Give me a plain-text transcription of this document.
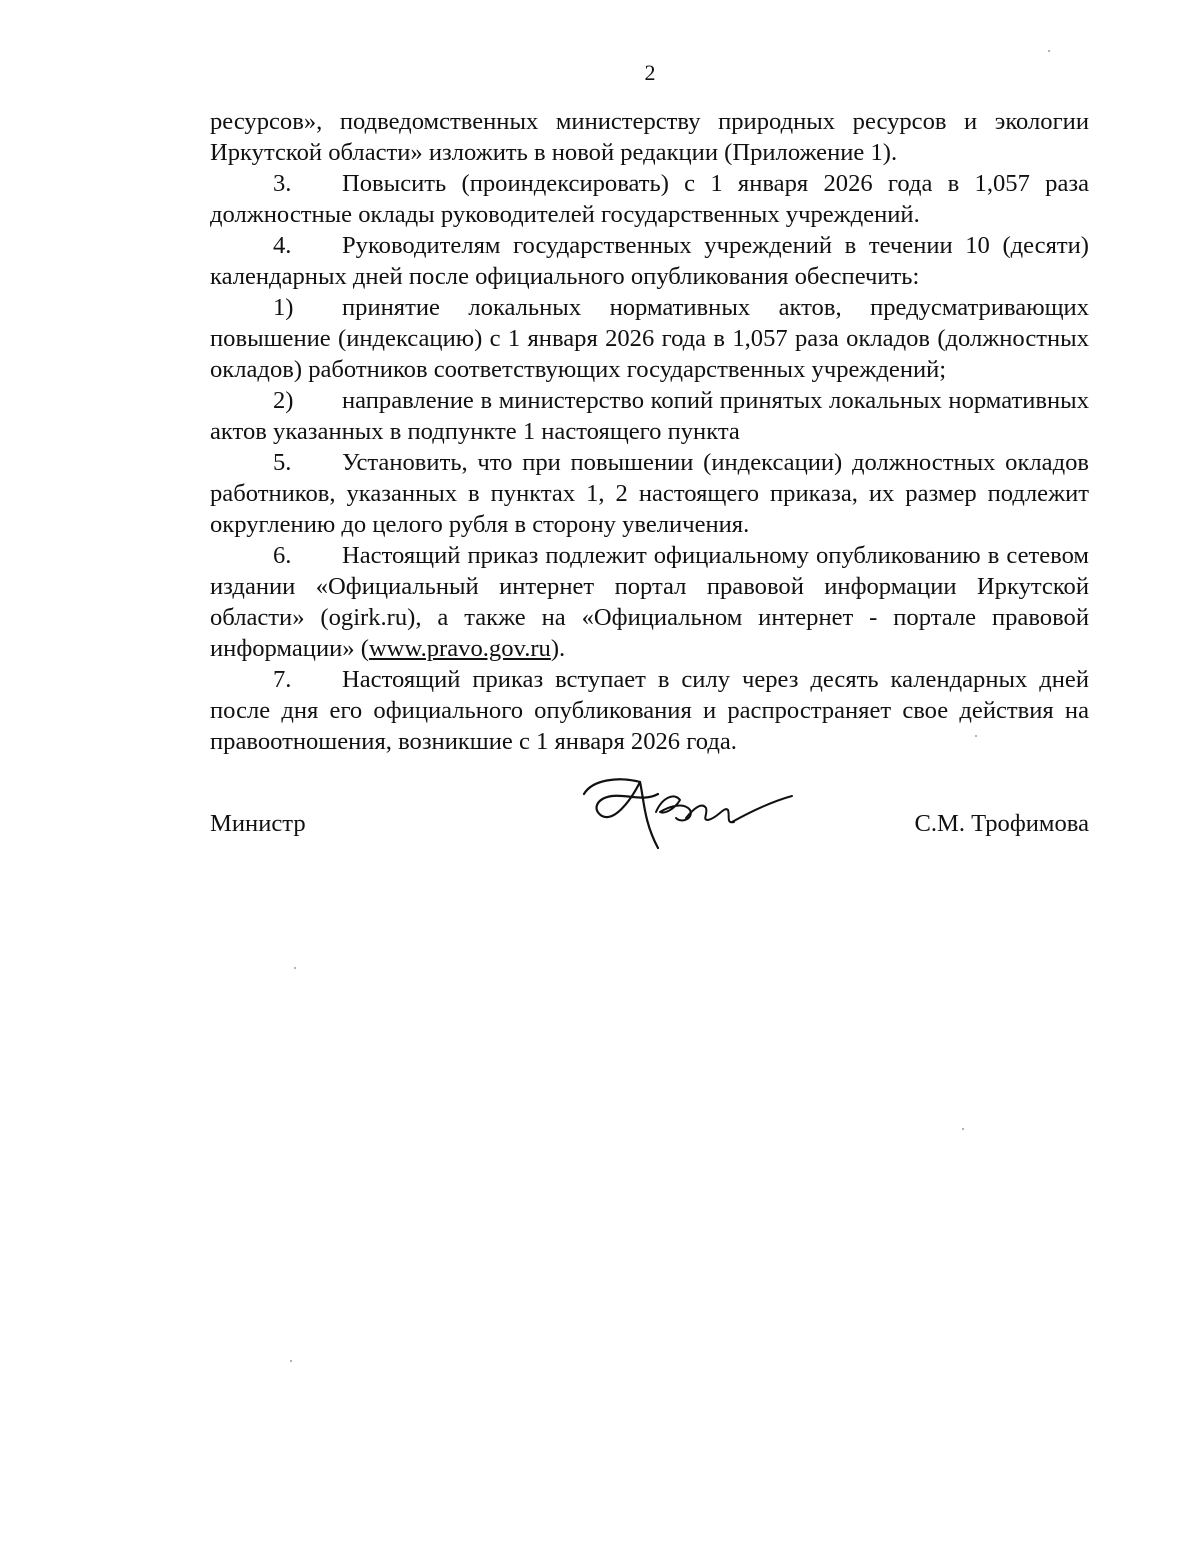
2

ресурсов», подведомственных министерству природных ресурсов и экологии Иркутской области» изложить в новой редакции (Приложение 1).

3. Повысить (проиндексировать) с 1 января 2026 года в 1,057 раза должностные оклады руководителей государственных учреждений.

4. Руководителям государственных учреждений в течении 10 (десяти) календарных дней после официального опубликования обеспечить:

1) принятие локальных нормативных актов, предусматривающих повышение (индексацию) с 1 января 2026 года в 1,057 раза окладов (должностных окладов) работников соответствующих государственных учреждений;

2) направление в министерство копий принятых локальных нормативных актов указанных в подпункте 1 настоящего пункта

5. Установить, что при повышении (индексации) должностных окладов работников, указанных в пунктах 1, 2 настоящего приказа, их размер подлежит округлению до целого рубля в сторону увеличения.

6. Настоящий приказ подлежит официальному опубликованию в сетевом издании «Официальный интернет портал правовой информации Иркутской области» (ogirk.ru), а также на «Официальном интернет - портале правовой информации» (www.pravo.gov.ru).

7. Настоящий приказ вступает в силу через десять календарных дней после дня его официального опубликования и распространяет свое действия на правоотношения, возникшие с 1 января 2026 года.

Министр	С.М. Трофимова
